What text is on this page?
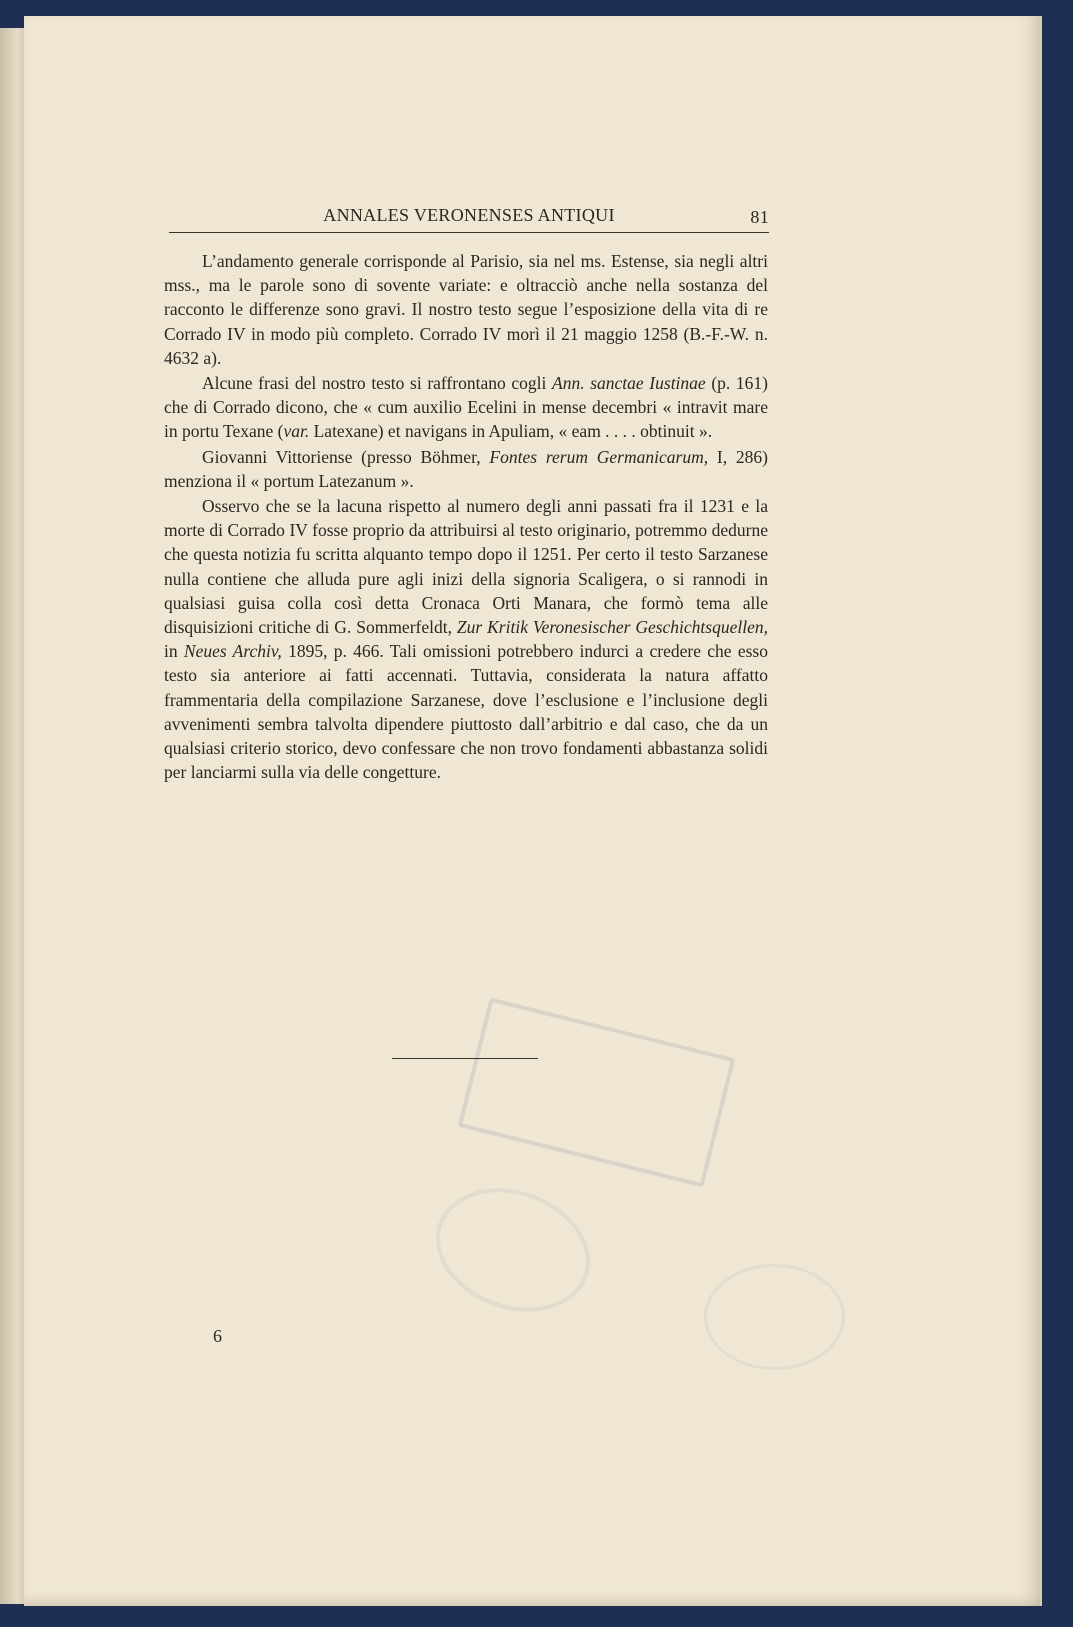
ANNALES VERONENSES ANTIQUI	81

L’andamento generale corrisponde al Parisio, sia nel ms. Estense, sia negli altri mss., ma le parole sono di sovente variate: e oltracciò anche nella sostanza del racconto le differenze sono gravi. Il nostro testo segue l’esposizione della vita di re Corrado IV in modo più completo. Corrado IV morì il 21 maggio 1258 (B.-F.-W. n. 4632 a).

Alcune frasi del nostro testo si raffrontano cogli Ann. sanctae Iustinae (p. 161) che di Corrado dicono, che « cum auxilio Ecelini in mense decembri « intravit mare in portu Texane (var. Latexane) et navigans in Apuliam, « eam . . . . obtinuit ».

Giovanni Vittoriense (presso Böhmer, Fontes rerum Germanicarum, I, 286) menziona il « portum Latezanum ».

Osservo che se la lacuna rispetto al numero degli anni passati fra il 1231 e la morte di Corrado IV fosse proprio da attribuirsi al testo originario, potremmo dedurne che questa notizia fu scritta alquanto tempo dopo il 1251. Per certo il testo Sarzanese nulla contiene che alluda pure agli inizi della signoria Scaligera, o si rannodi in qualsiasi guisa colla così detta Cronaca Orti Manara, che formò tema alle disquisizioni critiche di G. Sommerfeldt, Zur Kritik Veronesischer Geschichtsquellen, in Neues Archiv, 1895, p. 466. Tali omissioni potrebbero indurci a credere che esso testo sia anteriore ai fatti accennati. Tuttavia, considerata la natura affatto frammentaria della compilazione Sarzanese, dove l’esclusione e l’inclusione degli avvenimenti sembra talvolta dipendere piuttosto dall’arbitrio e dal caso, che da un qualsiasi criterio storico, devo confessare che non trovo fondamenti abbastanza solidi per lanciarmi sulla via delle congetture.

6
